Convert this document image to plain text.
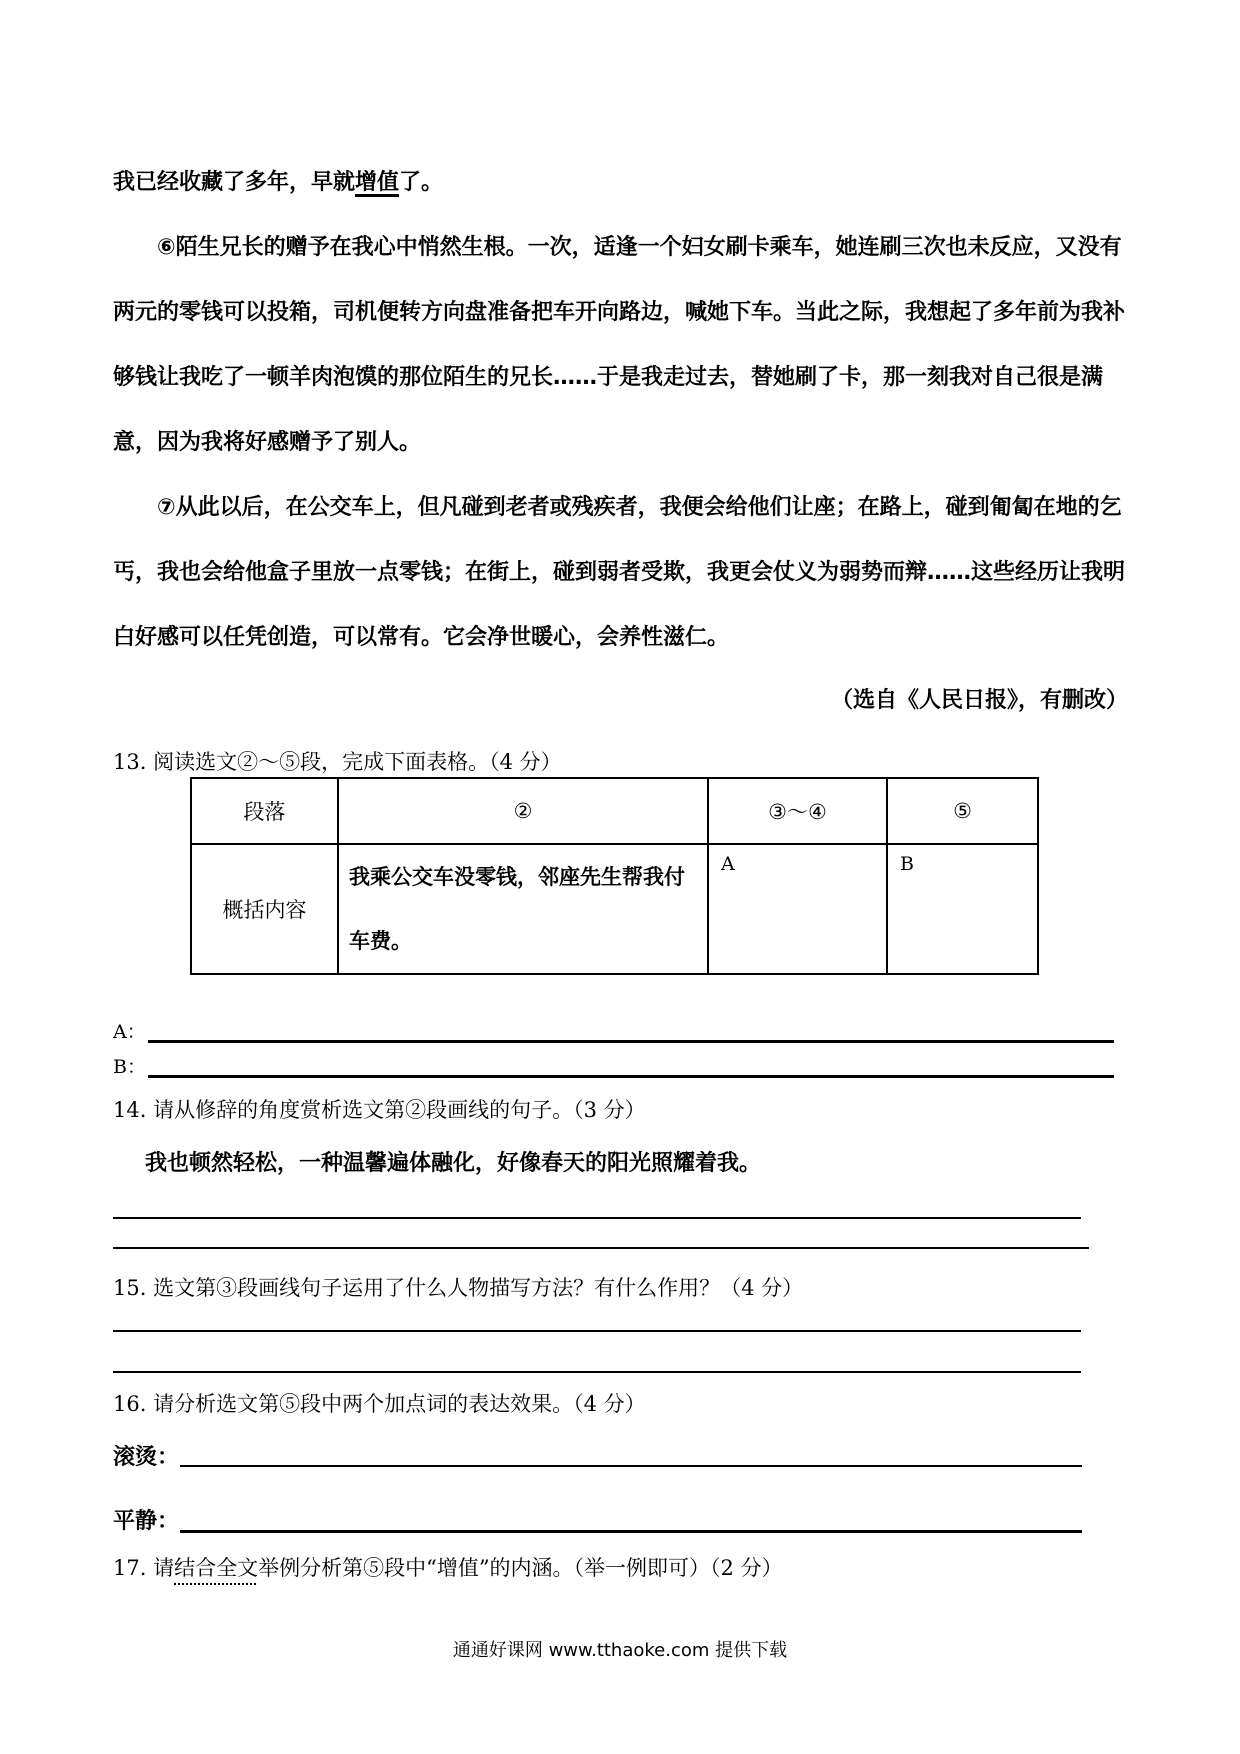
我已经收藏了多年，早就增值了。

⑥陌生兄长的赠予在我心中悄然生根。一次，适逢一个妇女刷卡乘车，她连刷三次也未反应，又没有两元的零钱可以投箱，司机便转方向盘准备把车开向路边，喊她下车。当此之际，我想起了多年前为我补够钱让我吃了一顿羊肉泡馍的那位陌生的兄长……于是我走过去，替她刷了卡，那一刻我对自己很是满意，因为我将好感赠予了别人。

⑦从此以后，在公交车上，但凡碰到老者或残疾者，我便会给他们让座；在路上，碰到匍匐在地的乞丐，我也会给他盒子里放一点零钱；在街上，碰到弱者受欺，我更会仗义为弱势而辩……这些经历让我明白好感可以任凭创造，可以常有。它会净世暖心，会养性滋仁。

（选自《人民日报》，有删改）
13. 阅读选文②～⑤段，完成下面表格。（4 分）
段落	②	③～④	⑤
概括内容	我乘公交车没零钱，邻座先生帮我付车费。	A	B
A：
B：
14. 请从修辞的角度赏析选文第②段画线的句子。（3 分）
我也顿然轻松，一种温馨遍体融化，好像春天的阳光照耀着我。
15. 选文第③段画线句子运用了什么人物描写方法？有什么作用？（4 分）
16. 请分析选文第⑤段中两个加点词的表达效果。（4 分）
滚烫：
平静：
17. 请结合全文举例分析第⑤段中“增值”的内涵。（举一例即可）（2 分）
通通好课网 www.tthaoke.com 提供下载
